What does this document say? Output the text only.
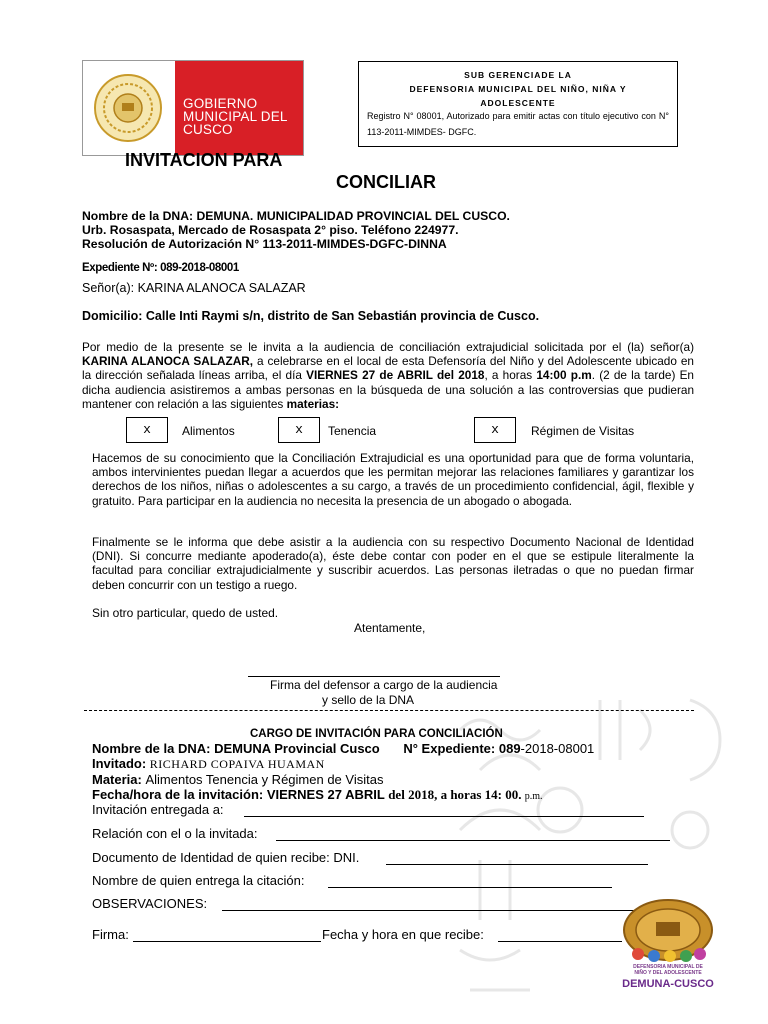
GOBIERNO
MUNICIPAL DEL
CUSCO
SUB GERENCIADE LA
DEFENSORIA MUNICIPAL DEL NIÑO, NIÑA Y
ADOLESCENTE
Registro N° 08001, Autorizado para emitir actas con título ejecutivo con N° 113-2011-MIMDES- DGFC.
INVITACION PARA
CONCILIAR
Nombre de la DNA: DEMUNA. MUNICIPALIDAD PROVINCIAL DEL CUSCO.
Urb. Rosaspata, Mercado de Rosaspata 2° piso. Teléfono 224977.
Resolución de Autorización N° 113-2011-MIMDES-DGFC-DINNA
Expediente Nº: 089-2018-08001
Señor(a): KARINA ALANOCA SALAZAR
Domicilio: Calle Inti Raymi s/n, distrito de San Sebastián provincia de Cusco.
Por medio de la presente se le invita a la audiencia de conciliación extrajudicial solicitada por el (la) señor(a) KARINA ALANOCA SALAZAR, a celebrarse en el local de esta Defensoría del Niño y del Adolescente ubicado en la dirección señalada líneas arriba, el día VIERNES 27 de ABRIL del 2018, a horas 14:00 p.m. (2 de la tarde) En dicha audiencia asistiremos a ambas personas en la búsqueda de una solución a las controversias que pudieran mantener con relación a las siguientes materias:
x	Alimentos	x	Tenencia	x	Régimen de Visitas
Hacemos de su conocimiento que la Conciliación Extrajudicial es una oportunidad para que de forma voluntaria, ambos intervinientes puedan llegar a acuerdos que les permitan mejorar las relaciones familiares y garantizar los derechos de los niños, niñas o adolescentes a su cargo, a través de un procedimiento confidencial, ágil, flexible y gratuito. Para participar en la audiencia no necesita la presencia de un abogado o abogada.
Finalmente se le informa que debe asistir a la audiencia con su respectivo Documento Nacional de Identidad (DNI). Si concurre mediante apoderado(a), éste debe contar con poder en el que se estipule literalmente la facultad para conciliar extrajudicialmente y suscribir acuerdos. Las personas iletradas o que no puedan firmar deben concurrir con un testigo a ruego.
Sin otro particular, quedo de usted.
Atentamente,
Firma del defensor a cargo de la audiencia
y sello de la DNA
CARGO DE INVITACIÓN PARA CONCILIACIÓN
Nombre de la DNA: DEMUNA Provincial Cusco N° Expediente: 089-2018-08001
Invitado: RICHARD COPAIVA HUAMAN
Materia: Alimentos Tenencia y Régimen de Visitas
Fecha/hora de la invitación: VIERNES 27 ABRIL del 2018, a horas 14: 00. p.m.
Invitación entregada a:
Relación con el o la invitada:
Documento de Identidad de quien recibe: DNI.
Nombre de quien entrega la citación:
OBSERVACIONES:
Firma:	Fecha y hora en que recibe:
DEFENSORIA MUNICIPAL DE
NIÑO Y DEL ADOLESCENTE
DEMUNA-CUSCO
